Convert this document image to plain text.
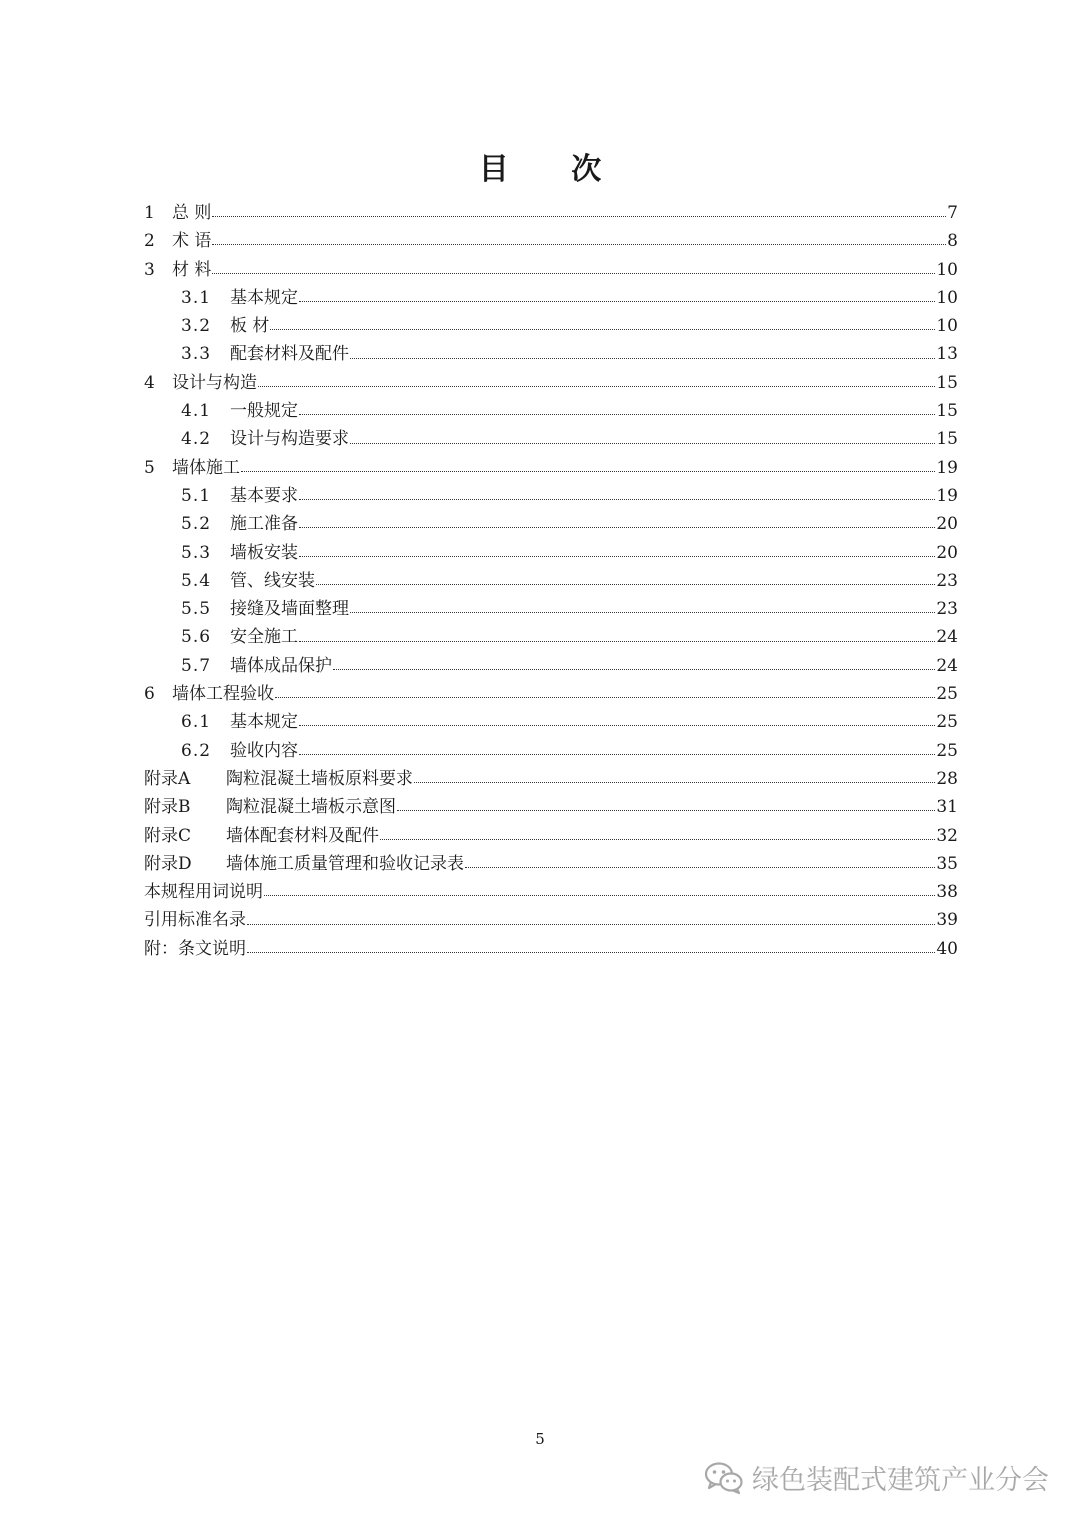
目 次
1	总 则	7
2	术 语	8
3	材 料	10
3.1	基本规定	10
3.2	板 材	10
3.3	配套材料及配件	13
4	设计与构造	15
4.1	一般规定	15
4.2	设计与构造要求	15
5	墙体施工	19
5.1	基本要求	19
5.2	施工准备	20
5.3	墙板安装	20
5.4	管、线安装	23
5.5	接缝及墙面整理	23
5.6	安全施工	24
5.7	墙体成品保护	24
6	墙体工程验收	25
6.1	基本规定	25
6.2	验收内容	25
附录A	陶粒混凝土墙板原料要求	28
附录B	陶粒混凝土墙板示意图	31
附录C	墙体配套材料及配件	32
附录D	墙体施工质量管理和验收记录表	35
本规程用词说明	38
引用标准名录	39
附：条文说明	40
5
绿色装配式建筑产业分会
